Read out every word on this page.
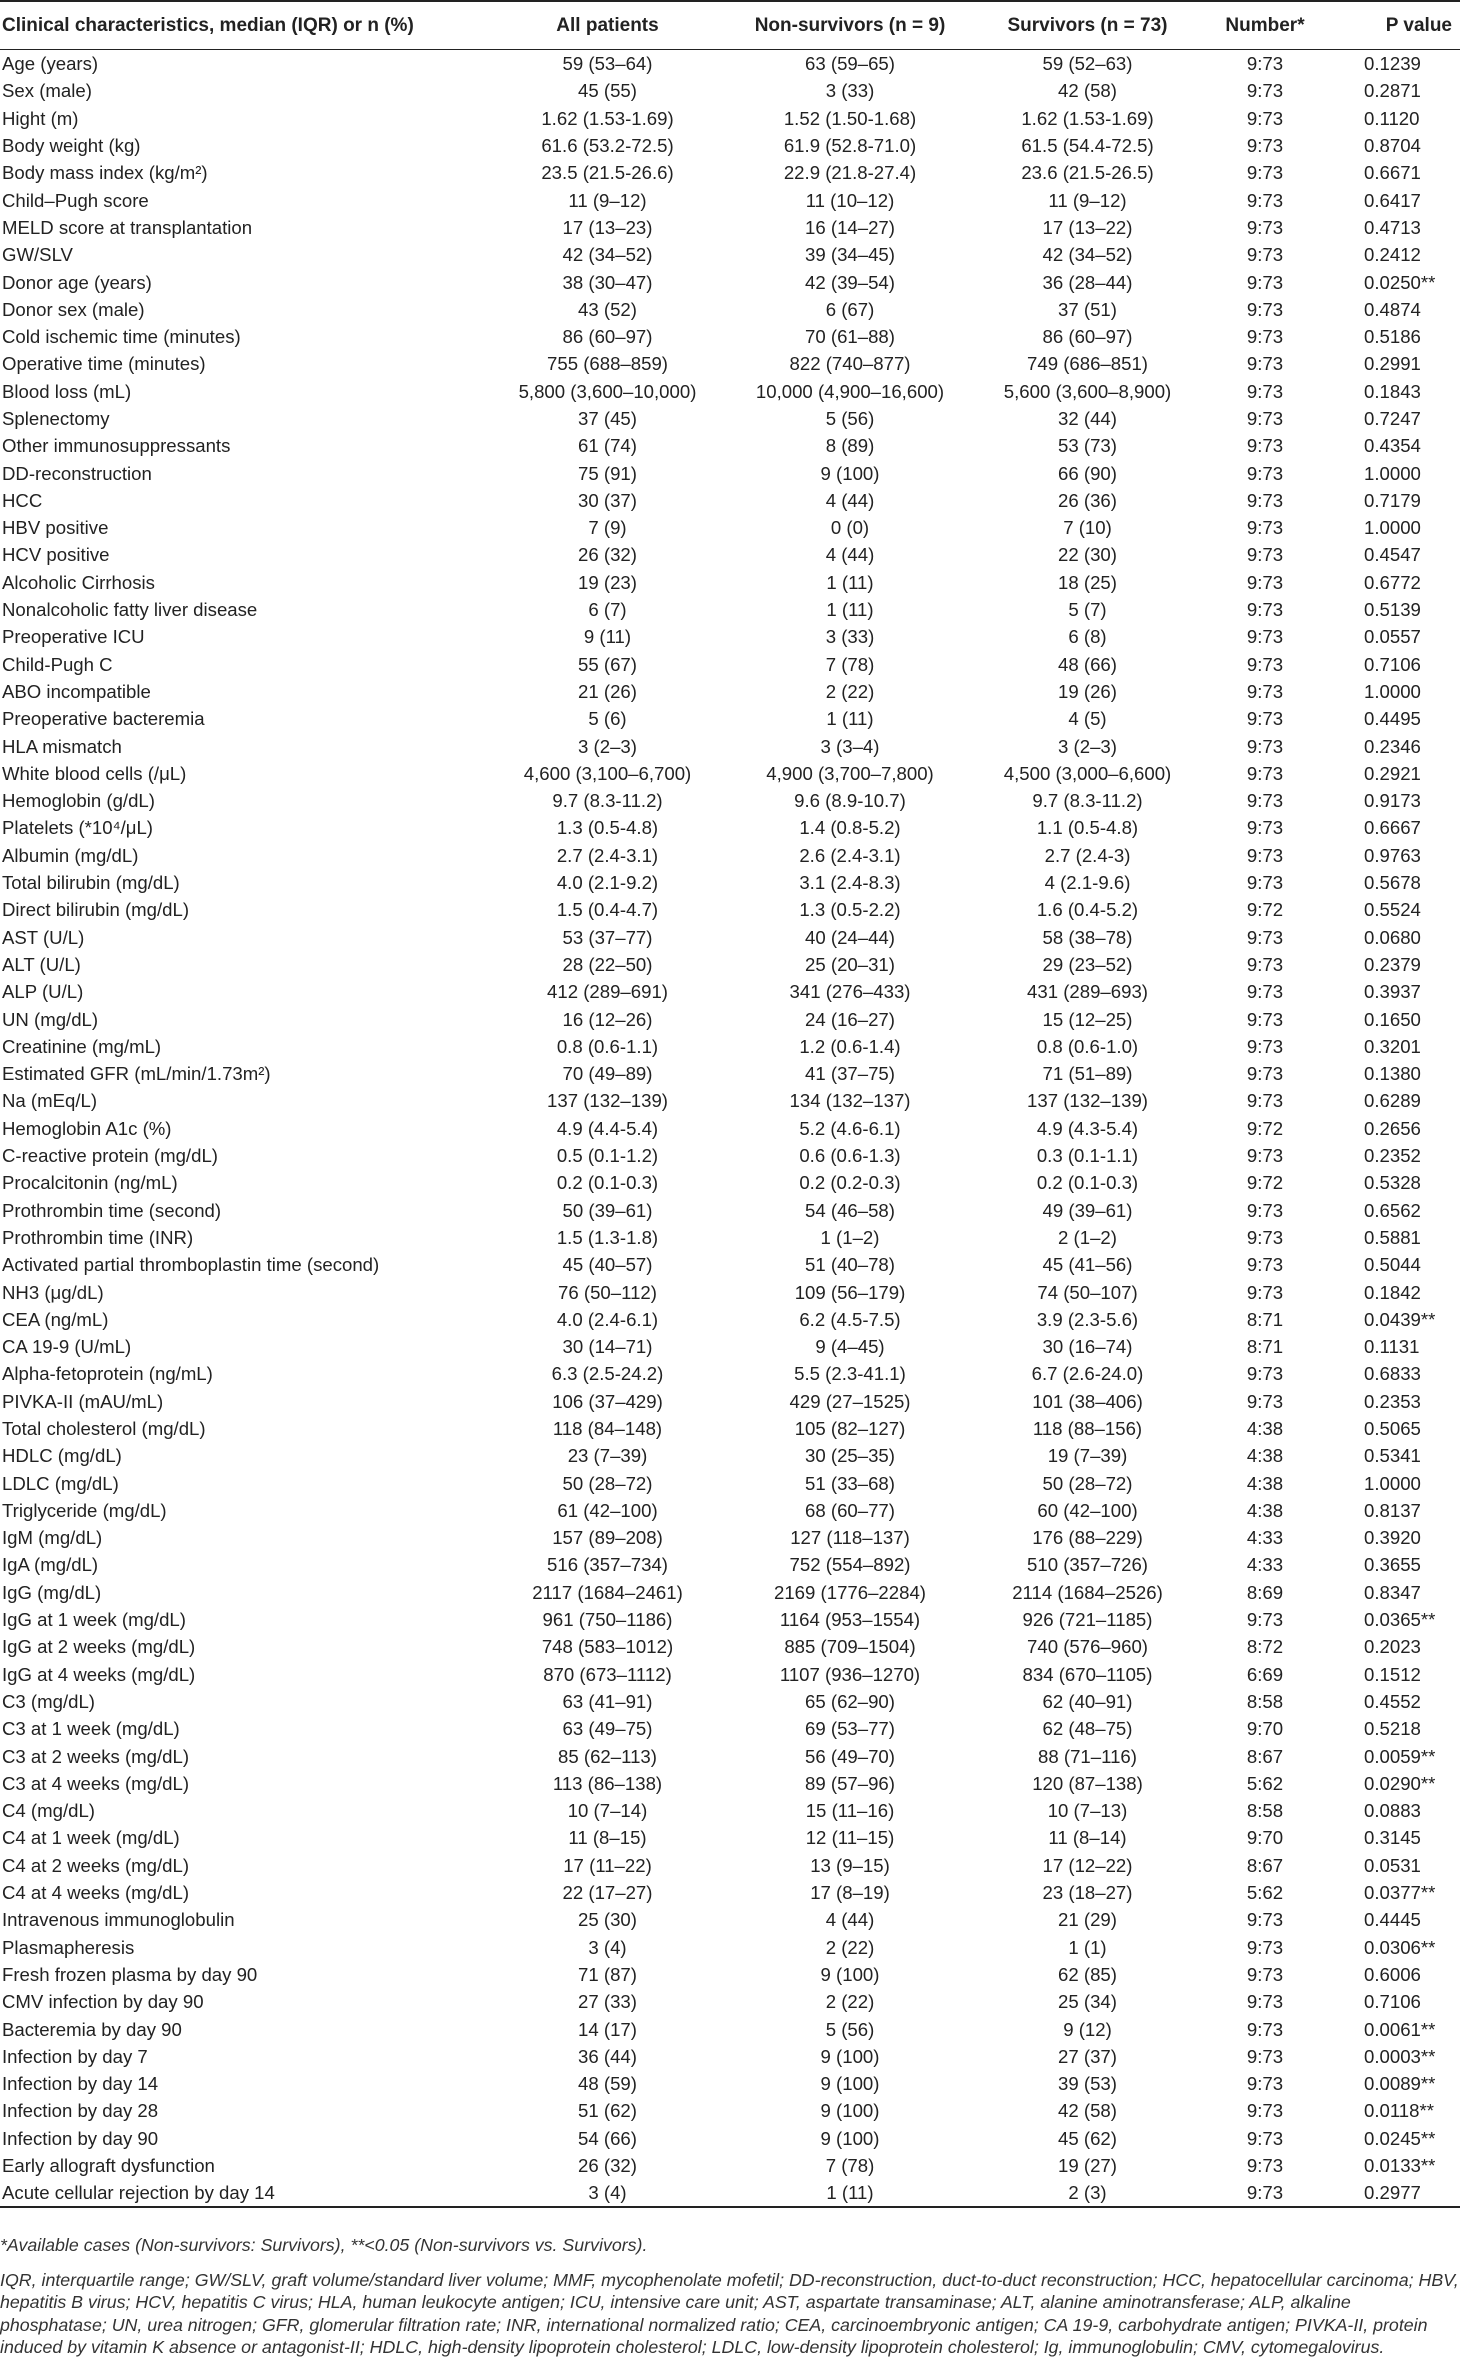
Clinical characteristics, median (IQR) or n (%)	All patients	Non-survivors (n = 9)	Survivors (n = 73)	Number*	P value
Age (years)	59 (53–64)	63 (59–65)	59 (52–63)	9:73	0.1239
Sex (male)	45 (55)	3 (33)	42 (58)	9:73	0.2871
Hight (m)	1.62 (1.53-1.69)	1.52 (1.50-1.68)	1.62 (1.53-1.69)	9:73	0.1120
Body weight (kg)	61.6 (53.2-72.5)	61.9 (52.8-71.0)	61.5 (54.4-72.5)	9:73	0.8704
Body mass index (kg/m²)	23.5 (21.5-26.6)	22.9 (21.8-27.4)	23.6 (21.5-26.5)	9:73	0.6671
Child–Pugh score	11 (9–12)	11 (10–12)	11 (9–12)	9:73	0.6417
MELD score at transplantation	17 (13–23)	16 (14–27)	17 (13–22)	9:73	0.4713
GW/SLV	42 (34–52)	39 (34–45)	42 (34–52)	9:73	0.2412
Donor age (years)	38 (30–47)	42 (39–54)	36 (28–44)	9:73	0.0250**
Donor sex (male)	43 (52)	6 (67)	37 (51)	9:73	0.4874
Cold ischemic time (minutes)	86 (60–97)	70 (61–88)	86 (60–97)	9:73	0.5186
Operative time (minutes)	755 (688–859)	822 (740–877)	749 (686–851)	9:73	0.2991
Blood loss (mL)	5,800 (3,600–10,000)	10,000 (4,900–16,600)	5,600 (3,600–8,900)	9:73	0.1843
Splenectomy	37 (45)	5 (56)	32 (44)	9:73	0.7247
Other immunosuppressants	61 (74)	8 (89)	53 (73)	9:73	0.4354
DD-reconstruction	75 (91)	9 (100)	66 (90)	9:73	1.0000
HCC	30 (37)	4 (44)	26 (36)	9:73	0.7179
HBV positive	7 (9)	0 (0)	7 (10)	9:73	1.0000
HCV positive	26 (32)	4 (44)	22 (30)	9:73	0.4547
Alcoholic Cirrhosis	19 (23)	1 (11)	18 (25)	9:73	0.6772
Nonalcoholic fatty liver disease	6 (7)	1 (11)	5 (7)	9:73	0.5139
Preoperative ICU	9 (11)	3 (33)	6 (8)	9:73	0.0557
Child-Pugh C	55 (67)	7 (78)	48 (66)	9:73	0.7106
ABO incompatible	21 (26)	2 (22)	19 (26)	9:73	1.0000
Preoperative bacteremia	5 (6)	1 (11)	4 (5)	9:73	0.4495
HLA mismatch	3 (2–3)	3 (3–4)	3 (2–3)	9:73	0.2346
White blood cells (/μL)	4,600 (3,100–6,700)	4,900 (3,700–7,800)	4,500 (3,000–6,600)	9:73	0.2921
Hemoglobin (g/dL)	9.7 (8.3-11.2)	9.6 (8.9-10.7)	9.7 (8.3-11.2)	9:73	0.9173
Platelets (*10⁴/μL)	1.3 (0.5-4.8)	1.4 (0.8-5.2)	1.1 (0.5-4.8)	9:73	0.6667
Albumin (mg/dL)	2.7 (2.4-3.1)	2.6 (2.4-3.1)	2.7 (2.4-3)	9:73	0.9763
Total bilirubin (mg/dL)	4.0 (2.1-9.2)	3.1 (2.4-8.3)	4 (2.1-9.6)	9:73	0.5678
Direct bilirubin (mg/dL)	1.5 (0.4-4.7)	1.3 (0.5-2.2)	1.6 (0.4-5.2)	9:72	0.5524
AST (U/L)	53 (37–77)	40 (24–44)	58 (38–78)	9:73	0.0680
ALT (U/L)	28 (22–50)	25 (20–31)	29 (23–52)	9:73	0.2379
ALP (U/L)	412 (289–691)	341 (276–433)	431 (289–693)	9:73	0.3937
UN (mg/dL)	16 (12–26)	24 (16–27)	15 (12–25)	9:73	0.1650
Creatinine (mg/mL)	0.8 (0.6-1.1)	1.2 (0.6-1.4)	0.8 (0.6-1.0)	9:73	0.3201
Estimated GFR (mL/min/1.73m²)	70 (49–89)	41 (37–75)	71 (51–89)	9:73	0.1380
Na (mEq/L)	137 (132–139)	134 (132–137)	137 (132–139)	9:73	0.6289
Hemoglobin A1c (%)	4.9 (4.4-5.4)	5.2 (4.6-6.1)	4.9 (4.3-5.4)	9:72	0.2656
C-reactive protein (mg/dL)	0.5 (0.1-1.2)	0.6 (0.6-1.3)	0.3 (0.1-1.1)	9:73	0.2352
Procalcitonin (ng/mL)	0.2 (0.1-0.3)	0.2 (0.2-0.3)	0.2 (0.1-0.3)	9:72	0.5328
Prothrombin time (second)	50 (39–61)	54 (46–58)	49 (39–61)	9:73	0.6562
Prothrombin time (INR)	1.5 (1.3-1.8)	1 (1–2)	2 (1–2)	9:73	0.5881
Activated partial thromboplastin time (second)	45 (40–57)	51 (40–78)	45 (41–56)	9:73	0.5044
NH3 (μg/dL)	76 (50–112)	109 (56–179)	74 (50–107)	9:73	0.1842
CEA (ng/mL)	4.0 (2.4-6.1)	6.2 (4.5-7.5)	3.9 (2.3-5.6)	8:71	0.0439**
CA 19-9 (U/mL)	30 (14–71)	9 (4–45)	30 (16–74)	8:71	0.1131
Alpha-fetoprotein (ng/mL)	6.3 (2.5-24.2)	5.5 (2.3-41.1)	6.7 (2.6-24.0)	9:73	0.6833
PIVKA-II (mAU/mL)	106 (37–429)	429 (27–1525)	101 (38–406)	9:73	0.2353
Total cholesterol (mg/dL)	118 (84–148)	105 (82–127)	118 (88–156)	4:38	0.5065
HDLC (mg/dL)	23 (7–39)	30 (25–35)	19 (7–39)	4:38	0.5341
LDLC (mg/dL)	50 (28–72)	51 (33–68)	50 (28–72)	4:38	1.0000
Triglyceride (mg/dL)	61 (42–100)	68 (60–77)	60 (42–100)	4:38	0.8137
IgM (mg/dL)	157 (89–208)	127 (118–137)	176 (88–229)	4:33	0.3920
IgA (mg/dL)	516 (357–734)	752 (554–892)	510 (357–726)	4:33	0.3655
IgG (mg/dL)	2117 (1684–2461)	2169 (1776–2284)	2114 (1684–2526)	8:69	0.8347
IgG at 1 week (mg/dL)	961 (750–1186)	1164 (953–1554)	926 (721–1185)	9:73	0.0365**
IgG at 2 weeks (mg/dL)	748 (583–1012)	885 (709–1504)	740 (576–960)	8:72	0.2023
IgG at 4 weeks (mg/dL)	870 (673–1112)	1107 (936–1270)	834 (670–1105)	6:69	0.1512
C3 (mg/dL)	63 (41–91)	65 (62–90)	62 (40–91)	8:58	0.4552
C3 at 1 week (mg/dL)	63 (49–75)	69 (53–77)	62 (48–75)	9:70	0.5218
C3 at 2 weeks (mg/dL)	85 (62–113)	56 (49–70)	88 (71–116)	8:67	0.0059**
C3 at 4 weeks (mg/dL)	113 (86–138)	89 (57–96)	120 (87–138)	5:62	0.0290**
C4 (mg/dL)	10 (7–14)	15 (11–16)	10 (7–13)	8:58	0.0883
C4 at 1 week (mg/dL)	11 (8–15)	12 (11–15)	11 (8–14)	9:70	0.3145
C4 at 2 weeks (mg/dL)	17 (11–22)	13 (9–15)	17 (12–22)	8:67	0.0531
C4 at 4 weeks (mg/dL)	22 (17–27)	17 (8–19)	23 (18–27)	5:62	0.0377**
Intravenous immunoglobulin	25 (30)	4 (44)	21 (29)	9:73	0.4445
Plasmapheresis	3 (4)	2 (22)	1 (1)	9:73	0.0306**
Fresh frozen plasma by day 90	71 (87)	9 (100)	62 (85)	9:73	0.6006
CMV infection by day 90	27 (33)	2 (22)	25 (34)	9:73	0.7106
Bacteremia by day 90	14 (17)	5 (56)	9 (12)	9:73	0.0061**
Infection by day 7	36 (44)	9 (100)	27 (37)	9:73	0.0003**
Infection by day 14	48 (59)	9 (100)	39 (53)	9:73	0.0089**
Infection by day 28	51 (62)	9 (100)	42 (58)	9:73	0.0118**
Infection by day 90	54 (66)	9 (100)	45 (62)	9:73	0.0245**
Early allograft dysfunction	26 (32)	7 (78)	19 (27)	9:73	0.0133**
Acute cellular rejection by day 14	3 (4)	1 (11)	2 (3)	9:73	0.2977

*Available cases (Non-survivors: Survivors), **<0.05 (Non-survivors vs. Survivors).

IQR, interquartile range; GW/SLV, graft volume/standard liver volume; MMF, mycophenolate mofetil; DD-reconstruction, duct-to-duct reconstruction; HCC, hepatocellular carcinoma; HBV, hepatitis B virus; HCV, hepatitis C virus; HLA, human leukocyte antigen; ICU, intensive care unit; AST, aspartate transaminase; ALT, alanine aminotransferase; ALP, alkaline phosphatase; UN, urea nitrogen; GFR, glomerular filtration rate; INR, international normalized ratio; CEA, carcinoembryonic antigen; CA 19-9, carbohydrate antigen; PIVKA-II, protein induced by vitamin K absence or antagonist-II; HDLC, high-density lipoprotein cholesterol; LDLC, low-density lipoprotein cholesterol; Ig, immunoglobulin; CMV, cytomegalovirus.
